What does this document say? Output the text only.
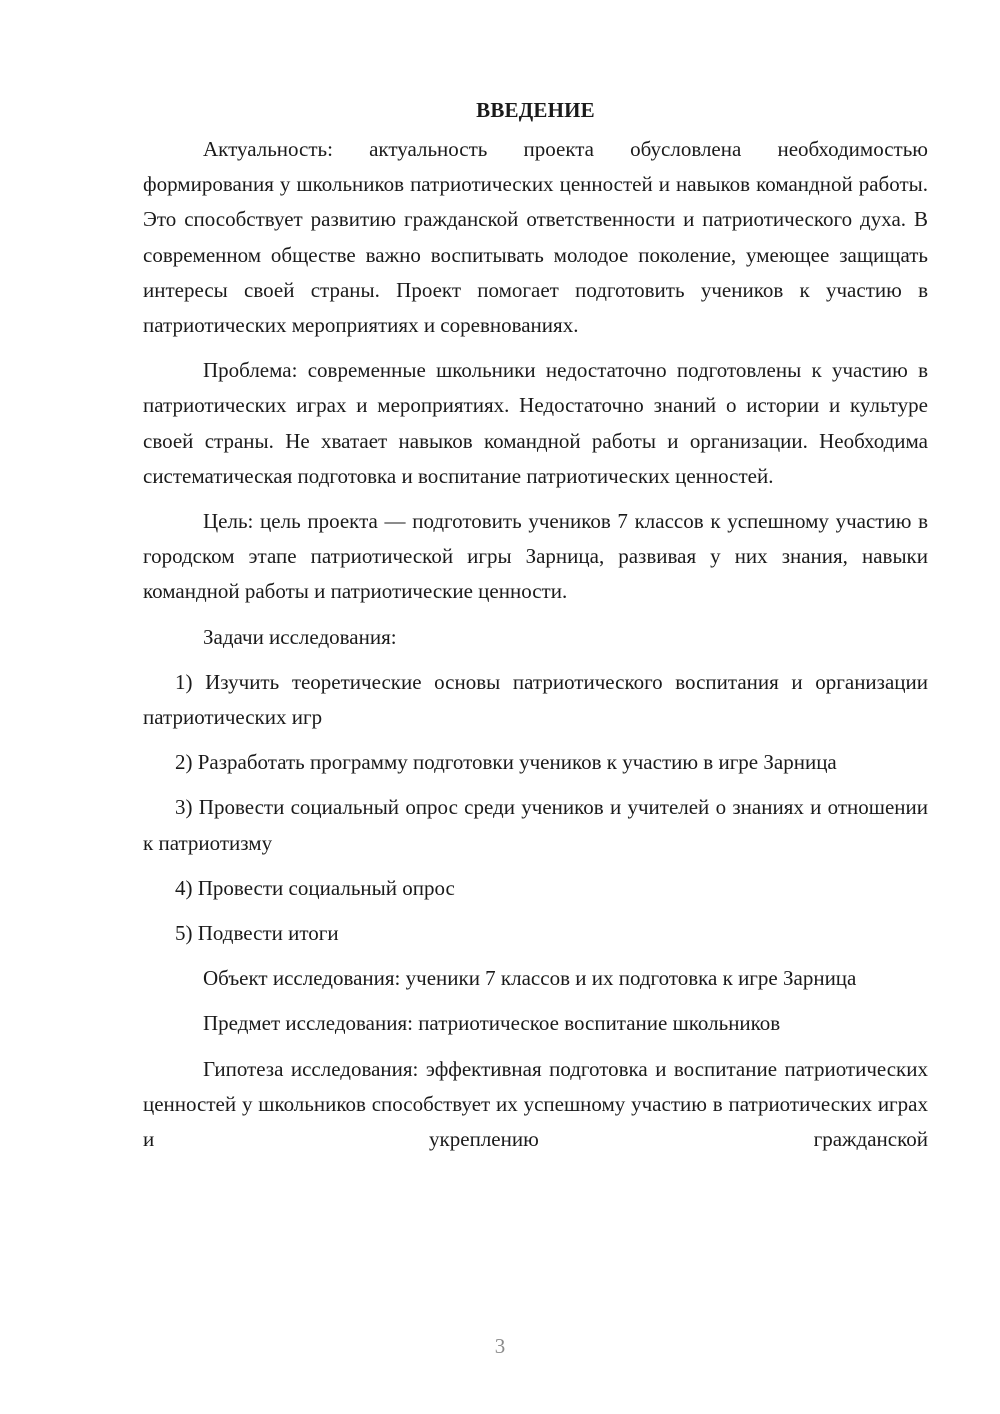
ВВЕДЕНИЕ

Актуальность: актуальность проекта обусловлена необходимостью формирования у школьников патриотических ценностей и навыков командной работы. Это способствует развитию гражданской ответственности и патриотического духа. В современном обществе важно воспитывать молодое поколение, умеющее защищать интересы своей страны. Проект помогает подготовить учеников к участию в патриотических мероприятиях и соревнованиях.

Проблема: современные школьники недостаточно подготовлены к участию в патриотических играх и мероприятиях. Недостаточно знаний о истории и культуре своей страны. Не хватает навыков командной работы и организации. Необходима систематическая подготовка и воспитание патриотических ценностей.

Цель: цель проекта — подготовить учеников 7 классов к успешному участию в городском этапе патриотической игры Зарница, развивая у них знания, навыки командной работы и патриотические ценности.

Задачи исследования:

1) Изучить теоретические основы патриотического воспитания и организации патриотических игр

2) Разработать программу подготовки учеников к участию в игре Зарница

3) Провести социальный опрос среди учеников и учителей о знаниях и отношении к патриотизму

4) Провести социальный опрос

5) Подвести итоги

Объект исследования: ученики 7 классов и их подготовка к игре Зарница

Предмет исследования: патриотическое воспитание школьников

Гипотеза исследования: эффективная подготовка и воспитание патриотических ценностей у школьников способствует их успешному участию в патриотических играх и укреплению гражданской

3
